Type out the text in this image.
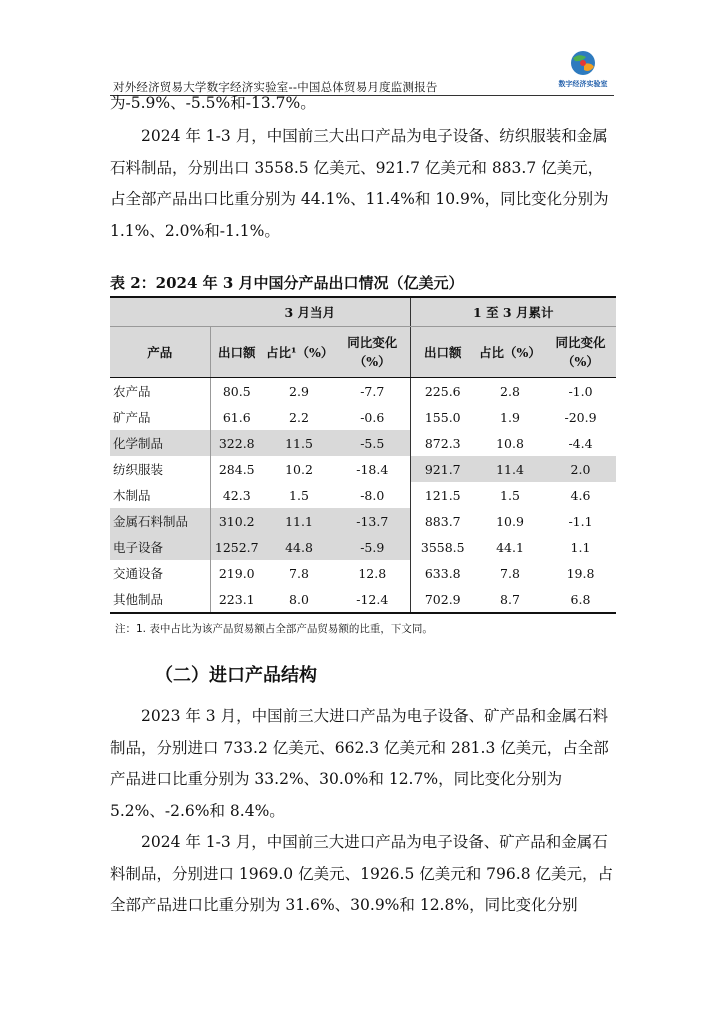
对外经济贸易大学数字经济实验室--中国总体贸易月度监测报告	数字经济实验室

为-5.9%、-5.5%和-13.7%。

2024 年 1-3 月，中国前三大出口产品为电子设备、纺织服装和金属石料制品，分别出口 3558.5 亿美元、921.7 亿美元和 883.7 亿美元，占全部产品出口比重分别为 44.1%、11.4%和 10.9%，同比变化分别为 1.1%、2.0%和-1.1%。

表 2：2024 年 3 月中国分产品出口情况（亿美元）
	3 月当月			1 至 3 月累计		
产品	出口额	占比¹（%）	同比变化（%）	出口额	占比（%）	同比变化（%）
农产品	80.5	2.9	-7.7	225.6	2.8	-1.0
矿产品	61.6	2.2	-0.6	155.0	1.9	-20.9
化学制品	322.8	11.5	-5.5	872.3	10.8	-4.4
纺织服装	284.5	10.2	-18.4	921.7	11.4	2.0
木制品	42.3	1.5	-8.0	121.5	1.5	4.6
金属石料制品	310.2	11.1	-13.7	883.7	10.9	-1.1
电子设备	1252.7	44.8	-5.9	3558.5	44.1	1.1
交通设备	219.0	7.8	12.8	633.8	7.8	19.8
其他制品	223.1	8.0	-12.4	702.9	8.7	6.8
注：1. 表中占比为该产品贸易额占全部产品贸易额的比重，下文同。
（二）进口产品结构

2023 年 3 月，中国前三大进口产品为电子设备、矿产品和金属石料制品，分别进口 733.2 亿美元、662.3 亿美元和 281.3 亿美元，占全部产品进口比重分别为 33.2%、30.0%和 12.7%，同比变化分别为 5.2%、-2.6%和 8.4%。

2024 年 1-3 月，中国前三大进口产品为电子设备、矿产品和金属石料制品，分别进口 1969.0 亿美元、1926.5 亿美元和 796.8 亿美元，占全部产品进口比重分别为 31.6%、30.9%和 12.8%，同比变化分别
